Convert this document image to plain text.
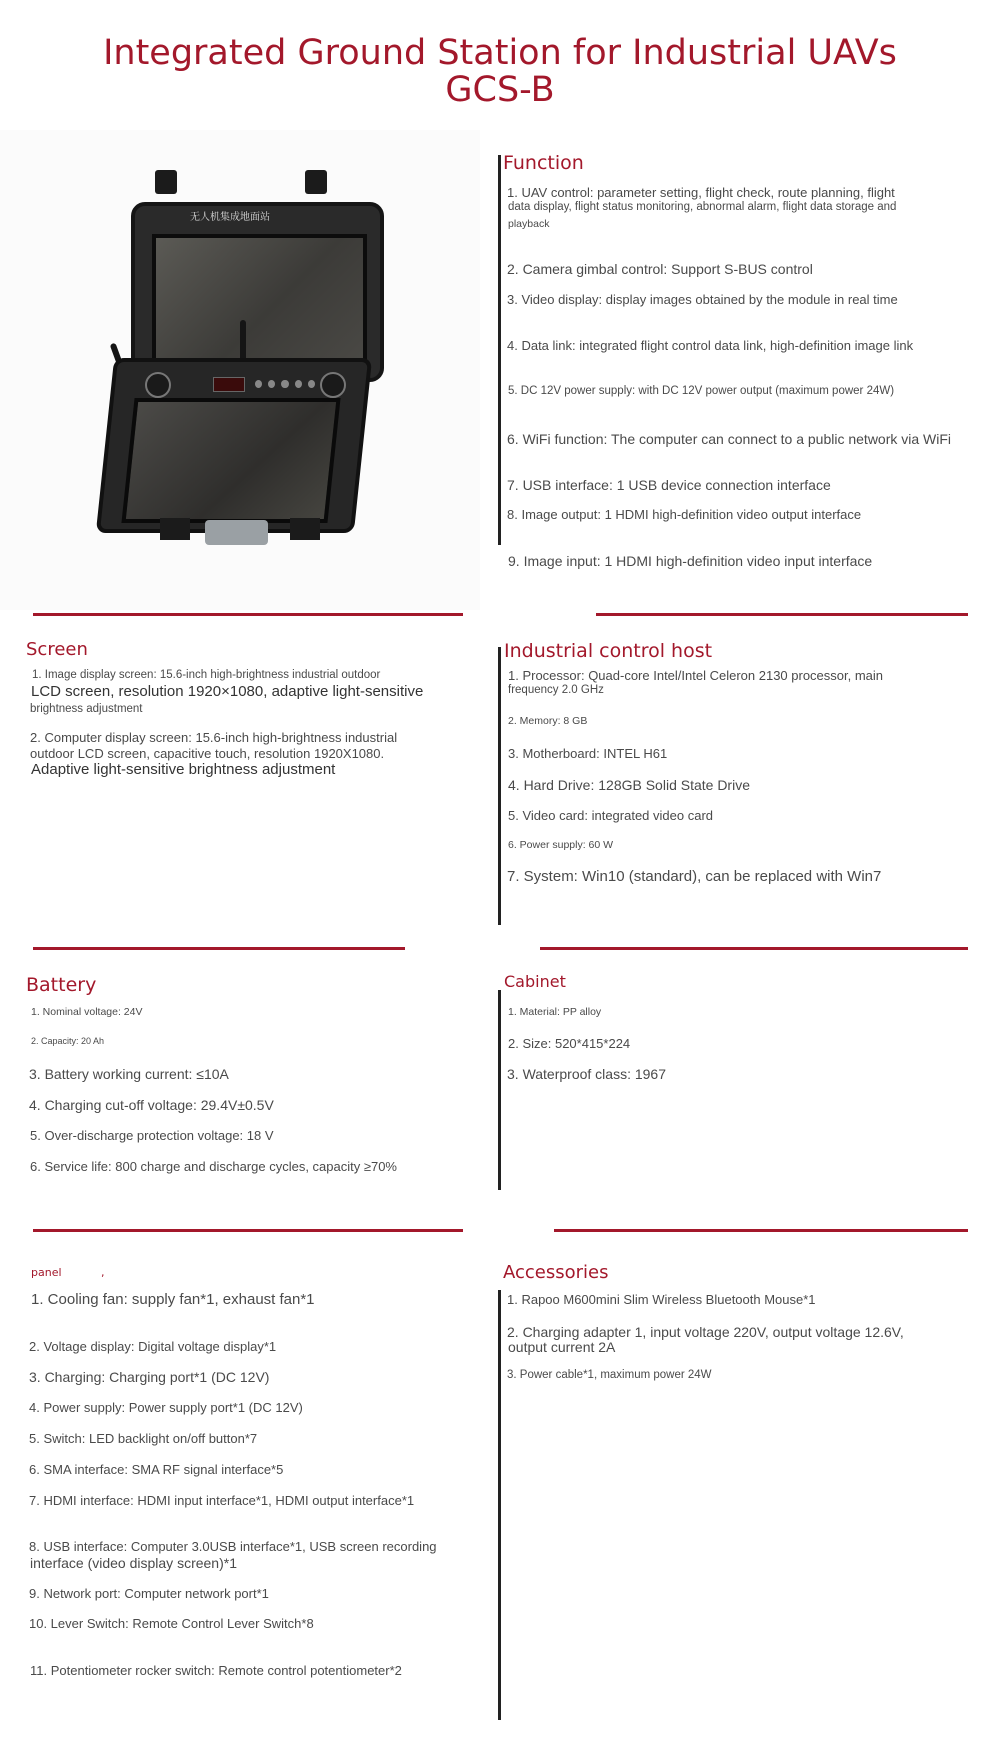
Integrated Ground Station for Industrial UAVs
GCS-B
无人机集成地面站
Function
1. UAV control: parameter setting, flight check, route planning, flight
data display, flight status monitoring, abnormal alarm, flight data storage and
playback
2. Camera gimbal control: Support S-BUS control
3. Video display: display images obtained by the module in real time
4. Data link: integrated flight control data link, high-definition image link
5. DC 12V power supply: with DC 12V power output (maximum power 24W)
6. WiFi function: The computer can connect to a public network via WiFi
7. USB interface: 1 USB device connection interface
8. Image output: 1 HDMI high-definition video output interface
9. Image input: 1 HDMI high-definition video input interface
Screen
1. Image display screen: 15.6-inch high-brightness industrial outdoor
LCD screen, resolution 1920×1080, adaptive light-sensitive
brightness adjustment
2. Computer display screen: 15.6-inch high-brightness industrial
outdoor LCD screen, capacitive touch, resolution 1920X1080.
Adaptive light-sensitive brightness adjustment
Industrial control host
1. Processor: Quad-core Intel/Intel Celeron 2130 processor, main
frequency 2.0 GHz
2. Memory: 8 GB
3. Motherboard: INTEL H61
4. Hard Drive: 128GB Solid State Drive
5. Video card: integrated video card
6. Power supply: 60 W
7. System: Win10 (standard), can be replaced with Win7
Battery
1. Nominal voltage: 24V
2. Capacity: 20 Ah
3. Battery working current: ≤10A
4. Charging cut-off voltage: 29.4V±0.5V
5. Over-discharge protection voltage: 18 V
6. Service life: 800 charge and discharge cycles, capacity ≥70%
Cabinet
1. Material: PP alloy
2. Size: 520*415*224
3. Waterproof class: 1967
panel	,
1. Cooling fan: supply fan*1, exhaust fan*1
2. Voltage display: Digital voltage display*1
3. Charging: Charging port*1 (DC 12V)
4. Power supply: Power supply port*1 (DC 12V)
5. Switch: LED backlight on/off button*7
6. SMA interface: SMA RF signal interface*5
7. HDMI interface: HDMI input interface*1, HDMI output interface*1
8. USB interface: Computer 3.0USB interface*1, USB screen recording
interface (video display screen)*1
9. Network port: Computer network port*1
10. Lever Switch: Remote Control Lever Switch*8
11. Potentiometer rocker switch: Remote control potentiometer*2
Accessories
1. Rapoo M600mini Slim Wireless Bluetooth Mouse*1
2. Charging adapter 1, input voltage 220V, output voltage 12.6V,
output current 2A
3. Power cable*1, maximum power 24W
